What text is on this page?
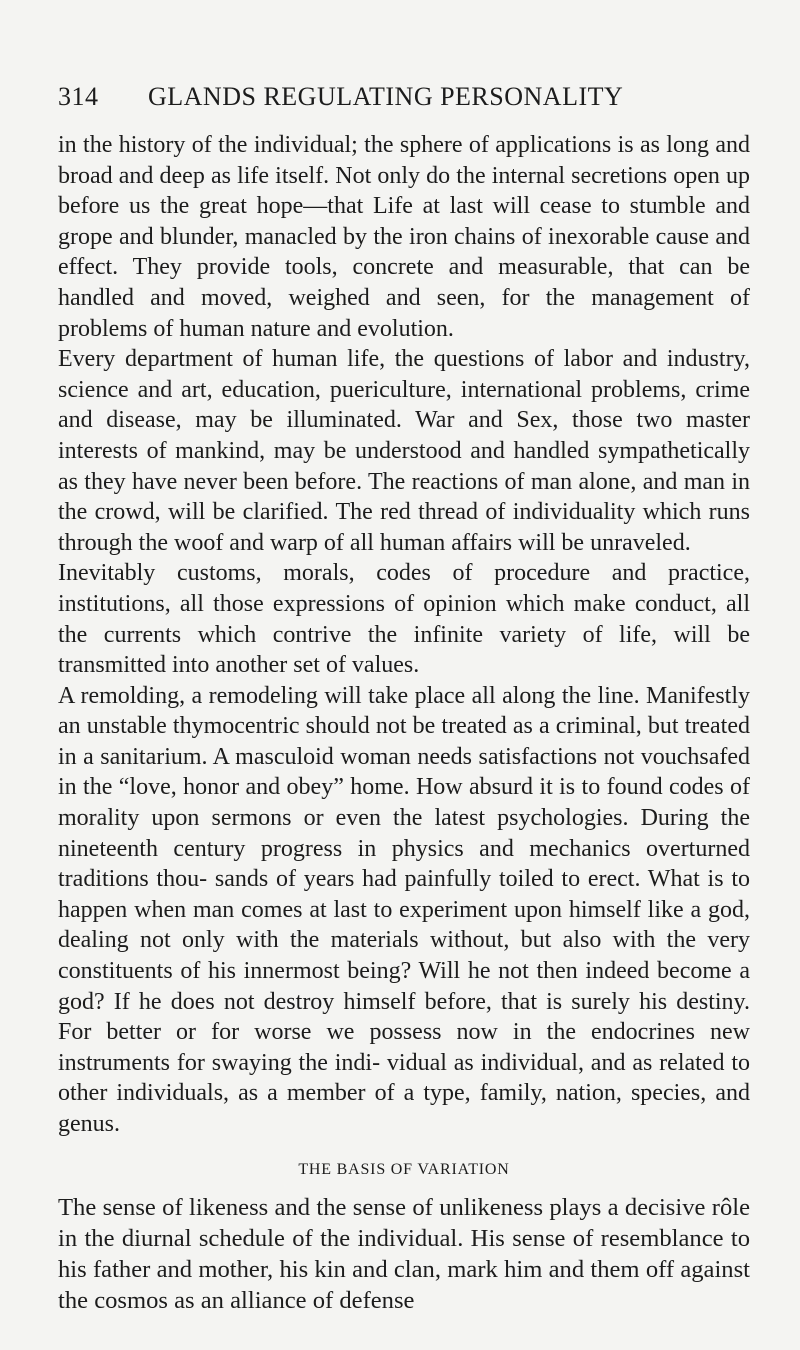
314 GLANDS REGULATING PERSONALITY

in the history of the individual; the sphere of applications is as long and broad and deep as life itself. Not only do the internal secretions open up before us the great hope—that Life at last will cease to stumble and grope and blunder, manacled by the iron chains of inexorable cause and effect. They provide tools, concrete and measurable, that can be handled and moved, weighed and seen, for the management of problems of human nature and evolution.

Every department of human life, the questions of labor and industry, science and art, education, puericulture, international problems, crime and disease, may be illuminated. War and Sex, those two master interests of mankind, may be understood and handled sympathetically as they have never been before. The reactions of man alone, and man in the crowd, will be clarified. The red thread of individuality which runs through the woof and warp of all human affairs will be unraveled.

Inevitably customs, morals, codes of procedure and practice, institutions, all those expressions of opinion which make conduct, all the currents which contrive the infinite variety of life, will be transmitted into another set of values.

A remolding, a remodeling will take place all along the line. Manifestly an unstable thymocentric should not be treated as a criminal, but treated in a sanitarium. A masculoid woman needs satisfactions not vouchsafed in the “love, honor and obey” home. How absurd it is to found codes of morality upon sermons or even the latest psychologies. During the nineteenth century progress in physics and mechanics overturned traditions thou- sands of years had painfully toiled to erect. What is to happen when man comes at last to experiment upon himself like a god, dealing not only with the materials without, but also with the very constituents of his innermost being? Will he not then indeed become a god? If he does not destroy himself before, that is surely his destiny. For better or for worse we possess now in the endocrines new instruments for swaying the indi- vidual as individual, and as related to other individuals, as a member of a type, family, nation, species, and genus.

THE BASIS OF VARIATION

The sense of likeness and the sense of unlikeness plays a decisive rôle in the diurnal schedule of the individual. His sense of resemblance to his father and mother, his kin and clan, mark him and them off against the cosmos as an alliance of defense
